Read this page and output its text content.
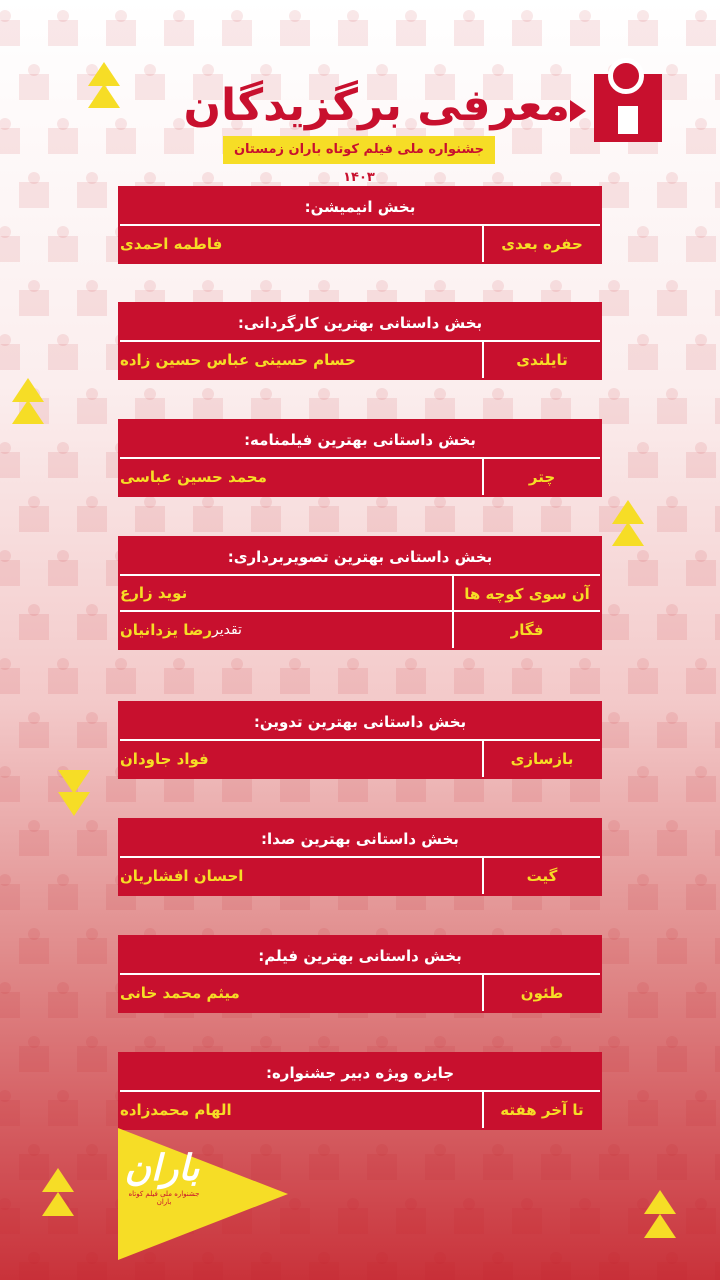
معرفی برگزیدگان
جشنواره ملی فیلم کوتاه باران زمستان ۱۴۰۳
بخش انیمیشن:
حفره بعدی
فاطمه احمدی
بخش داستانی بهترین کارگردانی:
تایلندی
حسام حسینی عباس حسین زاده
بخش داستانی بهترین فیلمنامه:
چتر
محمد حسین عباسی
بخش داستانی بهترین تصویربرداری:
آن سوی کوچه ها
نوید زارع
فگار
رضا یزدانیان تقدیر
بخش داستانی بهترین تدوین:
بازسازی
فواد جاودان
بخش داستانی بهترین صدا:
گیت
احسان افشاریان
بخش داستانی بهترین فیلم:
طئون
میثم محمد خانی
جایزه ویژه دبیر جشنواره:
تا آخر هفته
الهام محمدزاده
باران
جشنواره ملی فیلم کوتاه باران
